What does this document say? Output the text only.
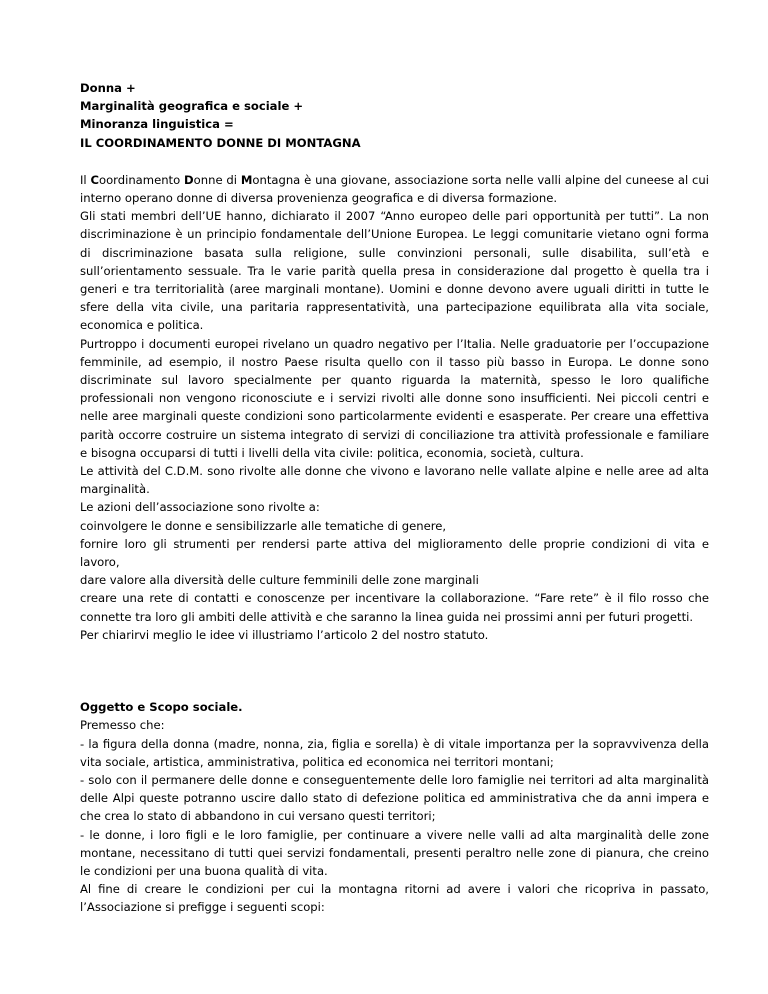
Donna +

Marginalità geografica e sociale +

Minoranza linguistica =

IL COORDINAMENTO DONNE DI MONTAGNA

Il Coordinamento Donne di Montagna è una giovane, associazione sorta nelle valli alpine del cuneese al cui interno operano donne di diversa provenienza geografica e di diversa formazione.

Gli stati membri dell’UE hanno, dichiarato il 2007 “Anno europeo delle pari opportunità per tutti”. La non discriminazione è un principio fondamentale dell’Unione Europea. Le leggi comunitarie vietano ogni forma di discriminazione basata sulla religione, sulle convinzioni personali, sulle disabilita, sull’età e sull’orientamento sessuale. Tra le varie parità quella presa in considerazione dal progetto è quella tra i generi e tra territorialità (aree marginali montane). Uomini e donne devono avere uguali diritti in tutte le sfere della vita civile, una paritaria rappresentatività, una partecipazione equilibrata alla vita sociale, economica e politica.

Purtroppo i documenti europei rivelano un quadro negativo per l’Italia. Nelle graduatorie per l’occupazione femminile, ad esempio, il nostro Paese risulta quello con il tasso più basso in Europa. Le donne sono discriminate sul lavoro specialmente per quanto riguarda la maternità, spesso le loro qualifiche professionali non vengono riconosciute e i servizi rivolti alle donne sono insufficienti. Nei piccoli centri e nelle aree marginali queste condizioni sono particolarmente evidenti e esasperate. Per creare una effettiva parità occorre costruire un sistema integrato di servizi di conciliazione tra attività professionale e familiare e bisogna occuparsi di tutti i livelli della vita civile: politica, economia, società, cultura.

Le attività del C.D.M. sono rivolte alle donne che vivono e lavorano nelle vallate alpine e nelle aree ad alta marginalità.

Le azioni dell’associazione sono rivolte a:

coinvolgere le donne e sensibilizzarle alle tematiche di genere,

fornire loro gli strumenti per rendersi parte attiva del miglioramento delle proprie condizioni di vita e lavoro,

dare valore alla diversità delle culture femminili delle zone marginali

creare una rete di contatti e conoscenze per incentivare la collaborazione. “Fare rete” è il filo rosso che connette tra loro gli ambiti delle attività e che saranno la linea guida nei prossimi anni per futuri progetti.

Per chiarirvi meglio le idee vi illustriamo l’articolo 2 del nostro statuto.

Oggetto e Scopo sociale.

Premesso che:

- la figura della donna (madre, nonna, zia, figlia e sorella) è di vitale importanza per la sopravvivenza della vita sociale, artistica, amministrativa, politica ed economica nei territori montani;

- solo con il permanere delle donne e conseguentemente delle loro famiglie nei territori ad alta marginalità delle Alpi queste potranno uscire dallo stato di defezione politica ed amministrativa che da anni impera e che crea lo stato di abbandono in cui versano questi territori;

- le donne, i loro figli e le loro famiglie, per continuare a vivere nelle valli ad alta marginalità delle zone montane, necessitano di tutti quei servizi fondamentali, presenti peraltro nelle zone di pianura, che creino le condizioni per una buona qualità di vita.

Al fine di creare le condizioni per cui la montagna ritorni ad avere i valori che ricopriva in passato, l’Associazione si prefigge i seguenti scopi:
